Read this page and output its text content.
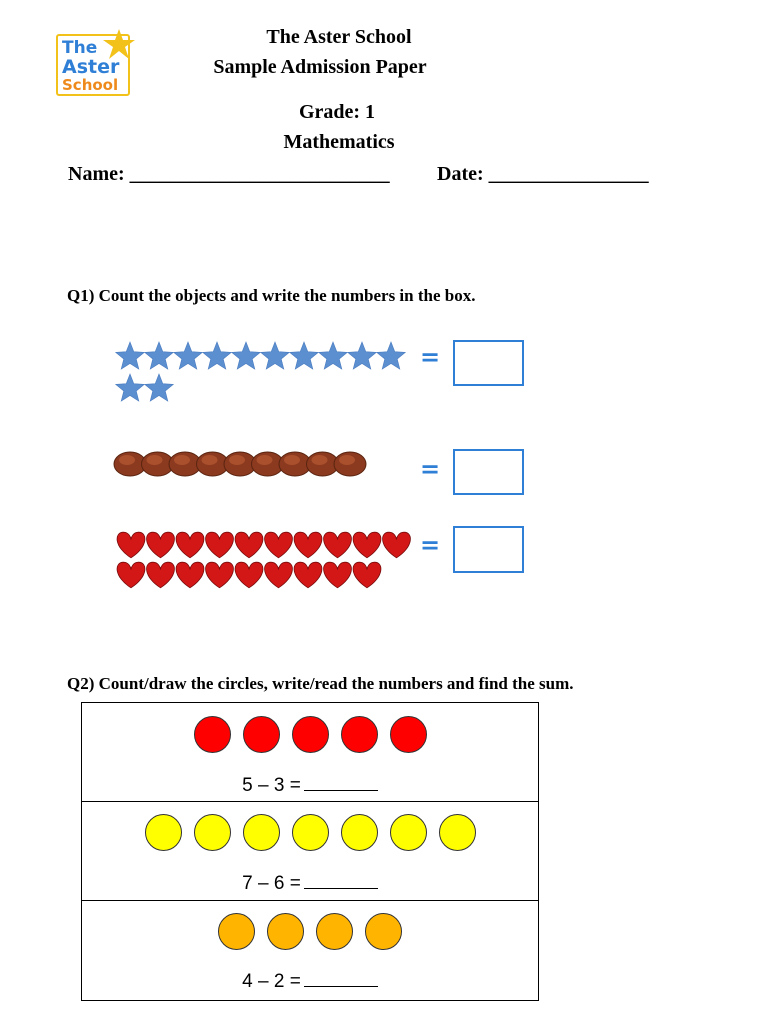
The
Aster
School
The Aster School
Sample Admission Paper
Grade: 1
Mathematics
Name: __________________________ Date: ________________
Q1) Count the objects and write the numbers in the box.
=
=
=
Q2) Count/draw the circles, write/read the numbers and find the sum.
5 – 3 =
7 – 6 =
4 – 2 =
